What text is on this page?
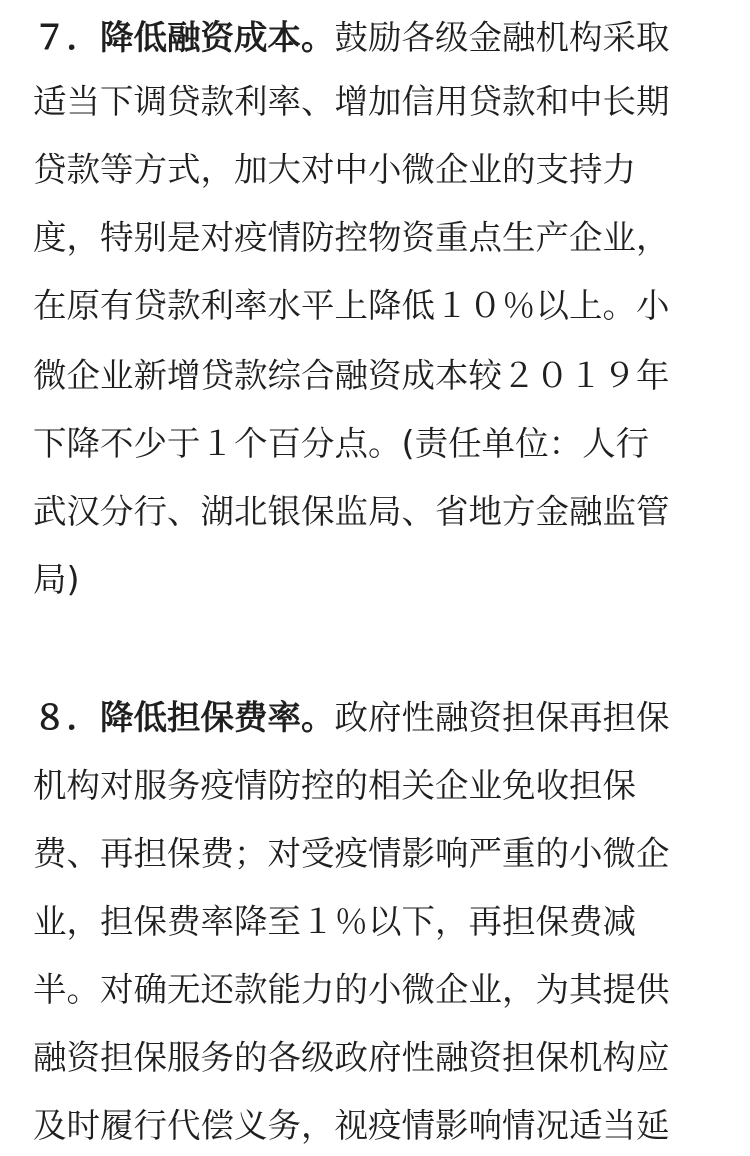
７．降低融资成本。鼓励各级金融机构采取
适当下调贷款利率、增加信用贷款和中长期
贷款等方式，加大对中小微企业的支持力
度，特别是对疫情防控物资重点生产企业，
在原有贷款利率水平上降低１０％以上。小
微企业新增贷款综合融资成本较２０１９年
下降不少于１个百分点。(责任单位：人行
武汉分行、湖北银保监局、省地方金融监管
局)
８．降低担保费率。政府性融资担保再担保
机构对服务疫情防控的相关企业免收担保
费、再担保费；对受疫情影响严重的小微企
业，担保费率降至１％以下，再担保费减
半。对确无还款能力的小微企业，为其提供
融资担保服务的各级政府性融资担保机构应
及时履行代偿义务，视疫情影响情况适当延
